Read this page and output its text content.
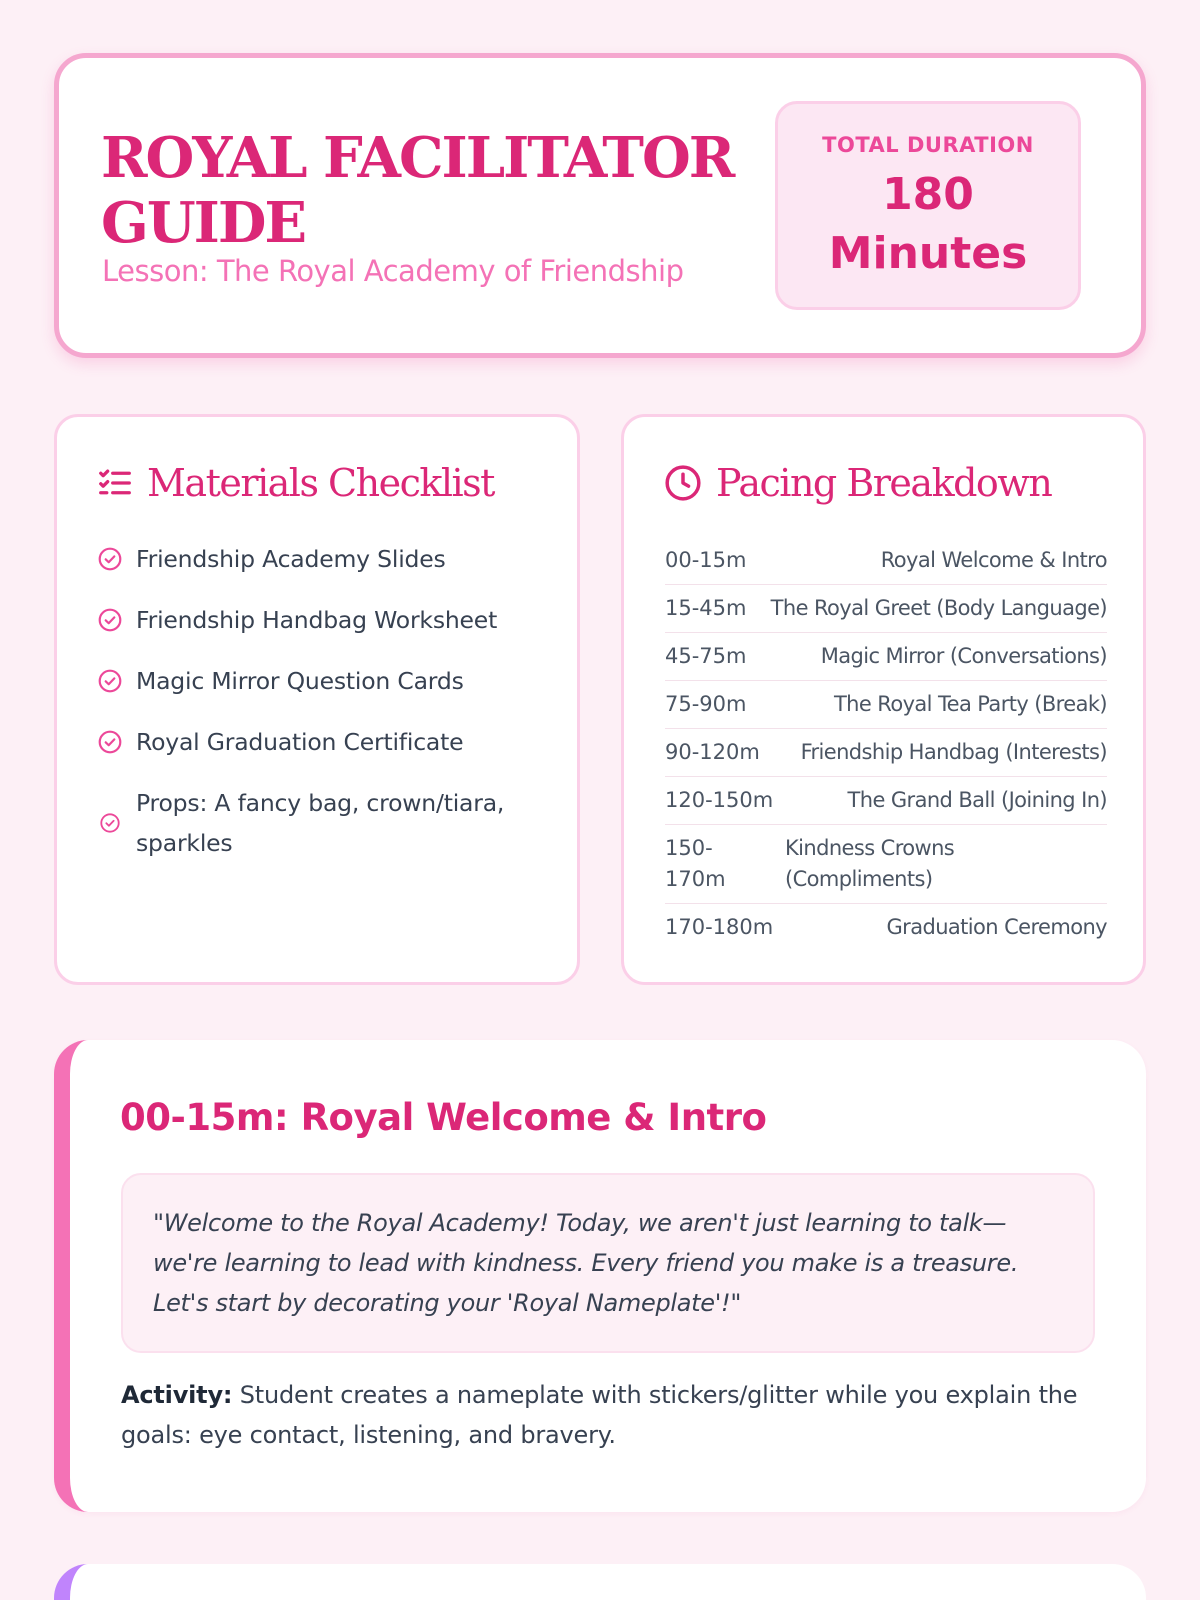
ROYAL FACILITATOR GUIDE
Lesson: The Royal Academy of Friendship
TOTAL DURATION
180 Minutes
Materials Checklist
Friendship Academy Slides
Friendship Handbag Worksheet
Magic Mirror Question Cards
Royal Graduation Certificate
Props: A fancy bag, crown/tiara, sparkles
Pacing Breakdown
00-15m	Royal Welcome & Intro
15-45m The Royal Greet (Body Language)
45-75m	Magic Mirror (Conversations)
75-90m	The Royal Tea Party (Break)
90-120m Friendship Handbag (Interests)
120-150m	The Grand Ball (Joining In)
150-170m
Kindness Crowns (Compliments)
170-180m	Graduation Ceremony
00-15m: Royal Welcome & Intro

"Welcome to the Royal Academy! Today, we aren't just learning to talk—we're learning to lead with kindness. Every friend you make is a treasure. Let's start by decorating your 'Royal Nameplate'!"

Activity: Student creates a nameplate with stickers/glitter while you explain the goals: eye contact, listening, and bravery.
